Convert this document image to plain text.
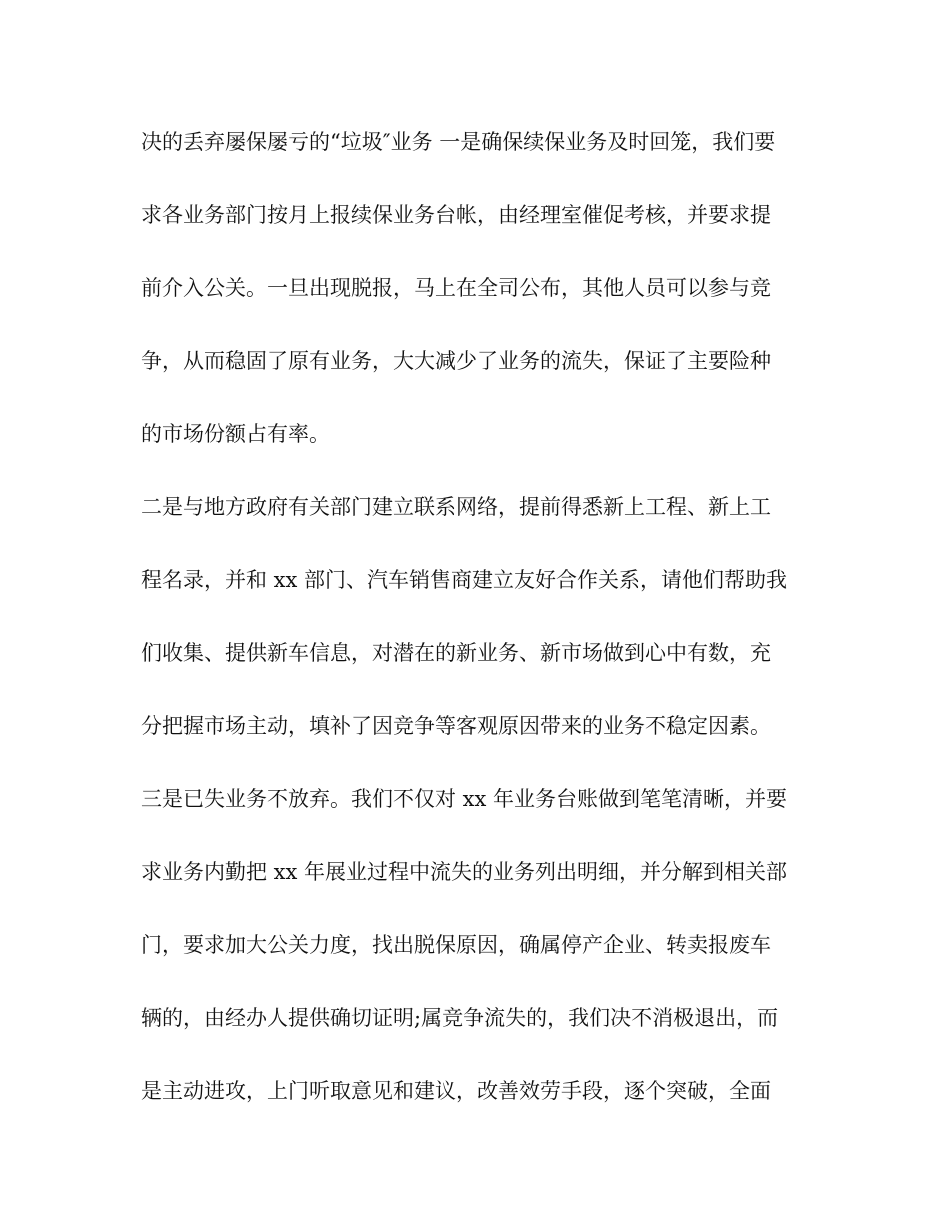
决的丢弃屡保屡亏的“垃圾″业务 一是确保续保业务及时回笼，我们要

求各业务部门按月上报续保业务台帐，由经理室催促考核，并要求提

前介入公关。一旦出现脱报，马上在全司公布，其他人员可以参与竞

争，从而稳固了原有业务，大大减少了业务的流失，保证了主要险种

的市场份额占有率。

二是与地方政府有关部门建立联系网络，提前得悉新上工程、新上工

程名录，并和 xx 部门、汽车销售商建立友好合作关系，请他们帮助我

们收集、提供新车信息，对潜在的新业务、新市场做到心中有数，充

分把握市场主动，填补了因竞争等客观原因带来的业务不稳定因素。

三是已失业务不放弃。我们不仅对 xx 年业务台账做到笔笔清晰，并要

求业务内勤把 xx 年展业过程中流失的业务列出明细，并分解到相关部

门，要求加大公关力度，找出脱保原因，确属停产企业、转卖报废车

辆的，由经办人提供确切证明;属竞争流失的，我们决不消极退出，而

是主动进攻，上门听取意见和建议，改善效劳手段，逐个突破，全面
